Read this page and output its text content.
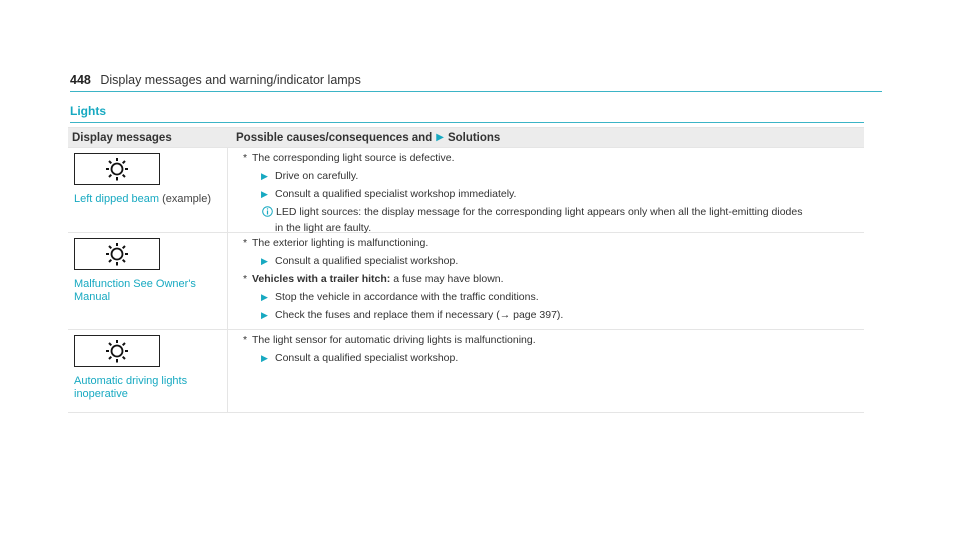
448 Display messages and warning/indicator lamps
Lights
Display messages	Possible causes/consequences and ▶ Solutions
Left dipped beam (example)
* The corresponding light source is defective.
▶ Drive on carefully.
▶ Consult a qualified specialist workshop immediately.
LED light sources: the display message for the corresponding light appears only when all the light-emitting diodes
in the light are faulty.
Malfunction See Owner's
Manual
* The exterior lighting is malfunctioning.
▶ Consult a qualified specialist workshop.
* Vehicles with a trailer hitch: a fuse may have blown.
▶ Stop the vehicle in accordance with the traffic conditions.
▶ Check the fuses and replace them if necessary (→ page 397).
Automatic driving lights
inoperative
* The light sensor for automatic driving lights is malfunctioning.
▶ Consult a qualified specialist workshop.
